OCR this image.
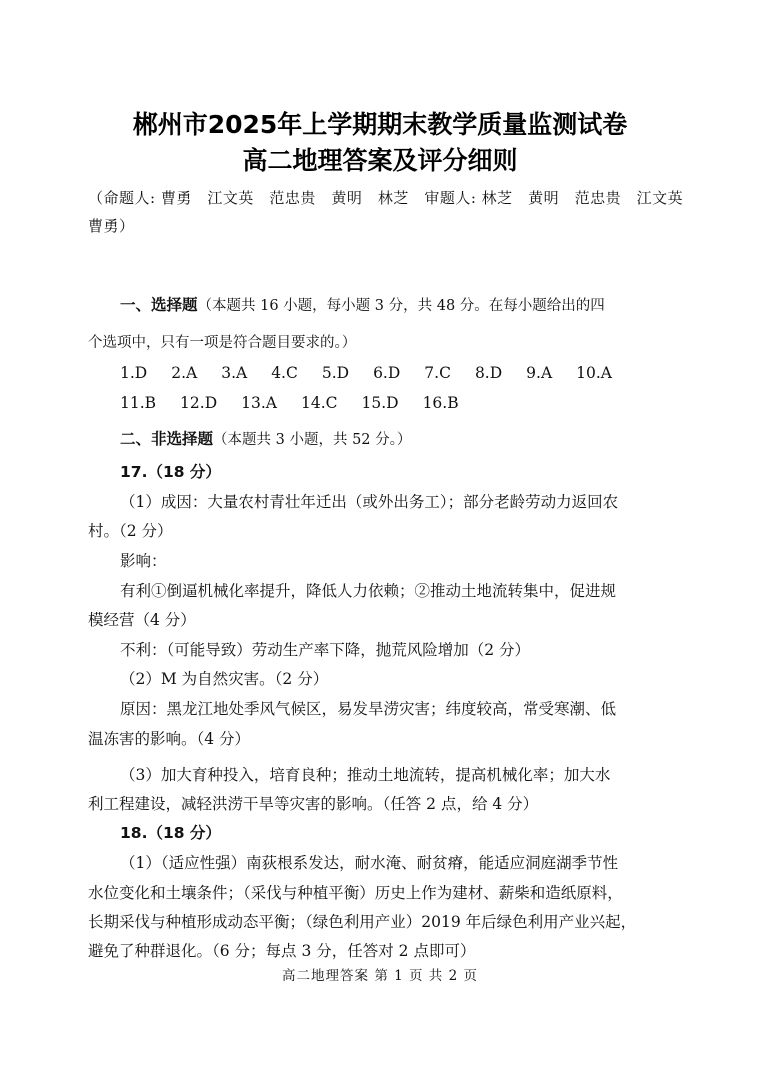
郴州市2025年上学期期末教学质量监测试卷
高二地理答案及评分细则
（命题人: 曹勇　江文英　范忠贵　黄明　林芝　审题人: 林芝　黄明　范忠贵　江文英　曹勇）
一、选择题（本题共 16 小题，每小题 3 分，共 48 分。在每小题给出的四
个选项中，只有一项是符合题目要求的。）
1.D 2.A 3.A 4.C 5.D 6.D 7.C 8.D 9.A 10.A
11.B 12.D 13.A 14.C 15.D 16.B
二、非选择题（本题共 3 小题，共 52 分。）
17.（18 分）
（1）成因：大量农村青壮年迁出（或外出务工）；部分老龄劳动力返回农
村。（2 分）
影响：
有利①倒逼机械化率提升，降低人力依赖；②推动土地流转集中，促进规
模经营（4 分）
不利：（可能导致）劳动生产率下降，抛荒风险增加（2 分）
（2）M 为自然灾害。（2 分）
原因：黑龙江地处季风气候区，易发旱涝灾害；纬度较高，常受寒潮、低
温冻害的影响。（4 分）
（3）加大育种投入，培育良种；推动土地流转，提高机械化率；加大水
利工程建设，减轻洪涝干旱等灾害的影响。（任答 2 点，给 4 分）
18.（18 分）
（1）（适应性强）南荻根系发达，耐水淹、耐贫瘠，能适应洞庭湖季节性
水位变化和土壤条件；（采伐与种植平衡）历史上作为建材、薪柴和造纸原料，
长期采伐与种植形成动态平衡；（绿色利用产业）2019 年后绿色利用产业兴起，
避免了种群退化。（6 分；每点 3 分，任答对 2 点即可）
高二地理答案 第 1 页 共 2 页
